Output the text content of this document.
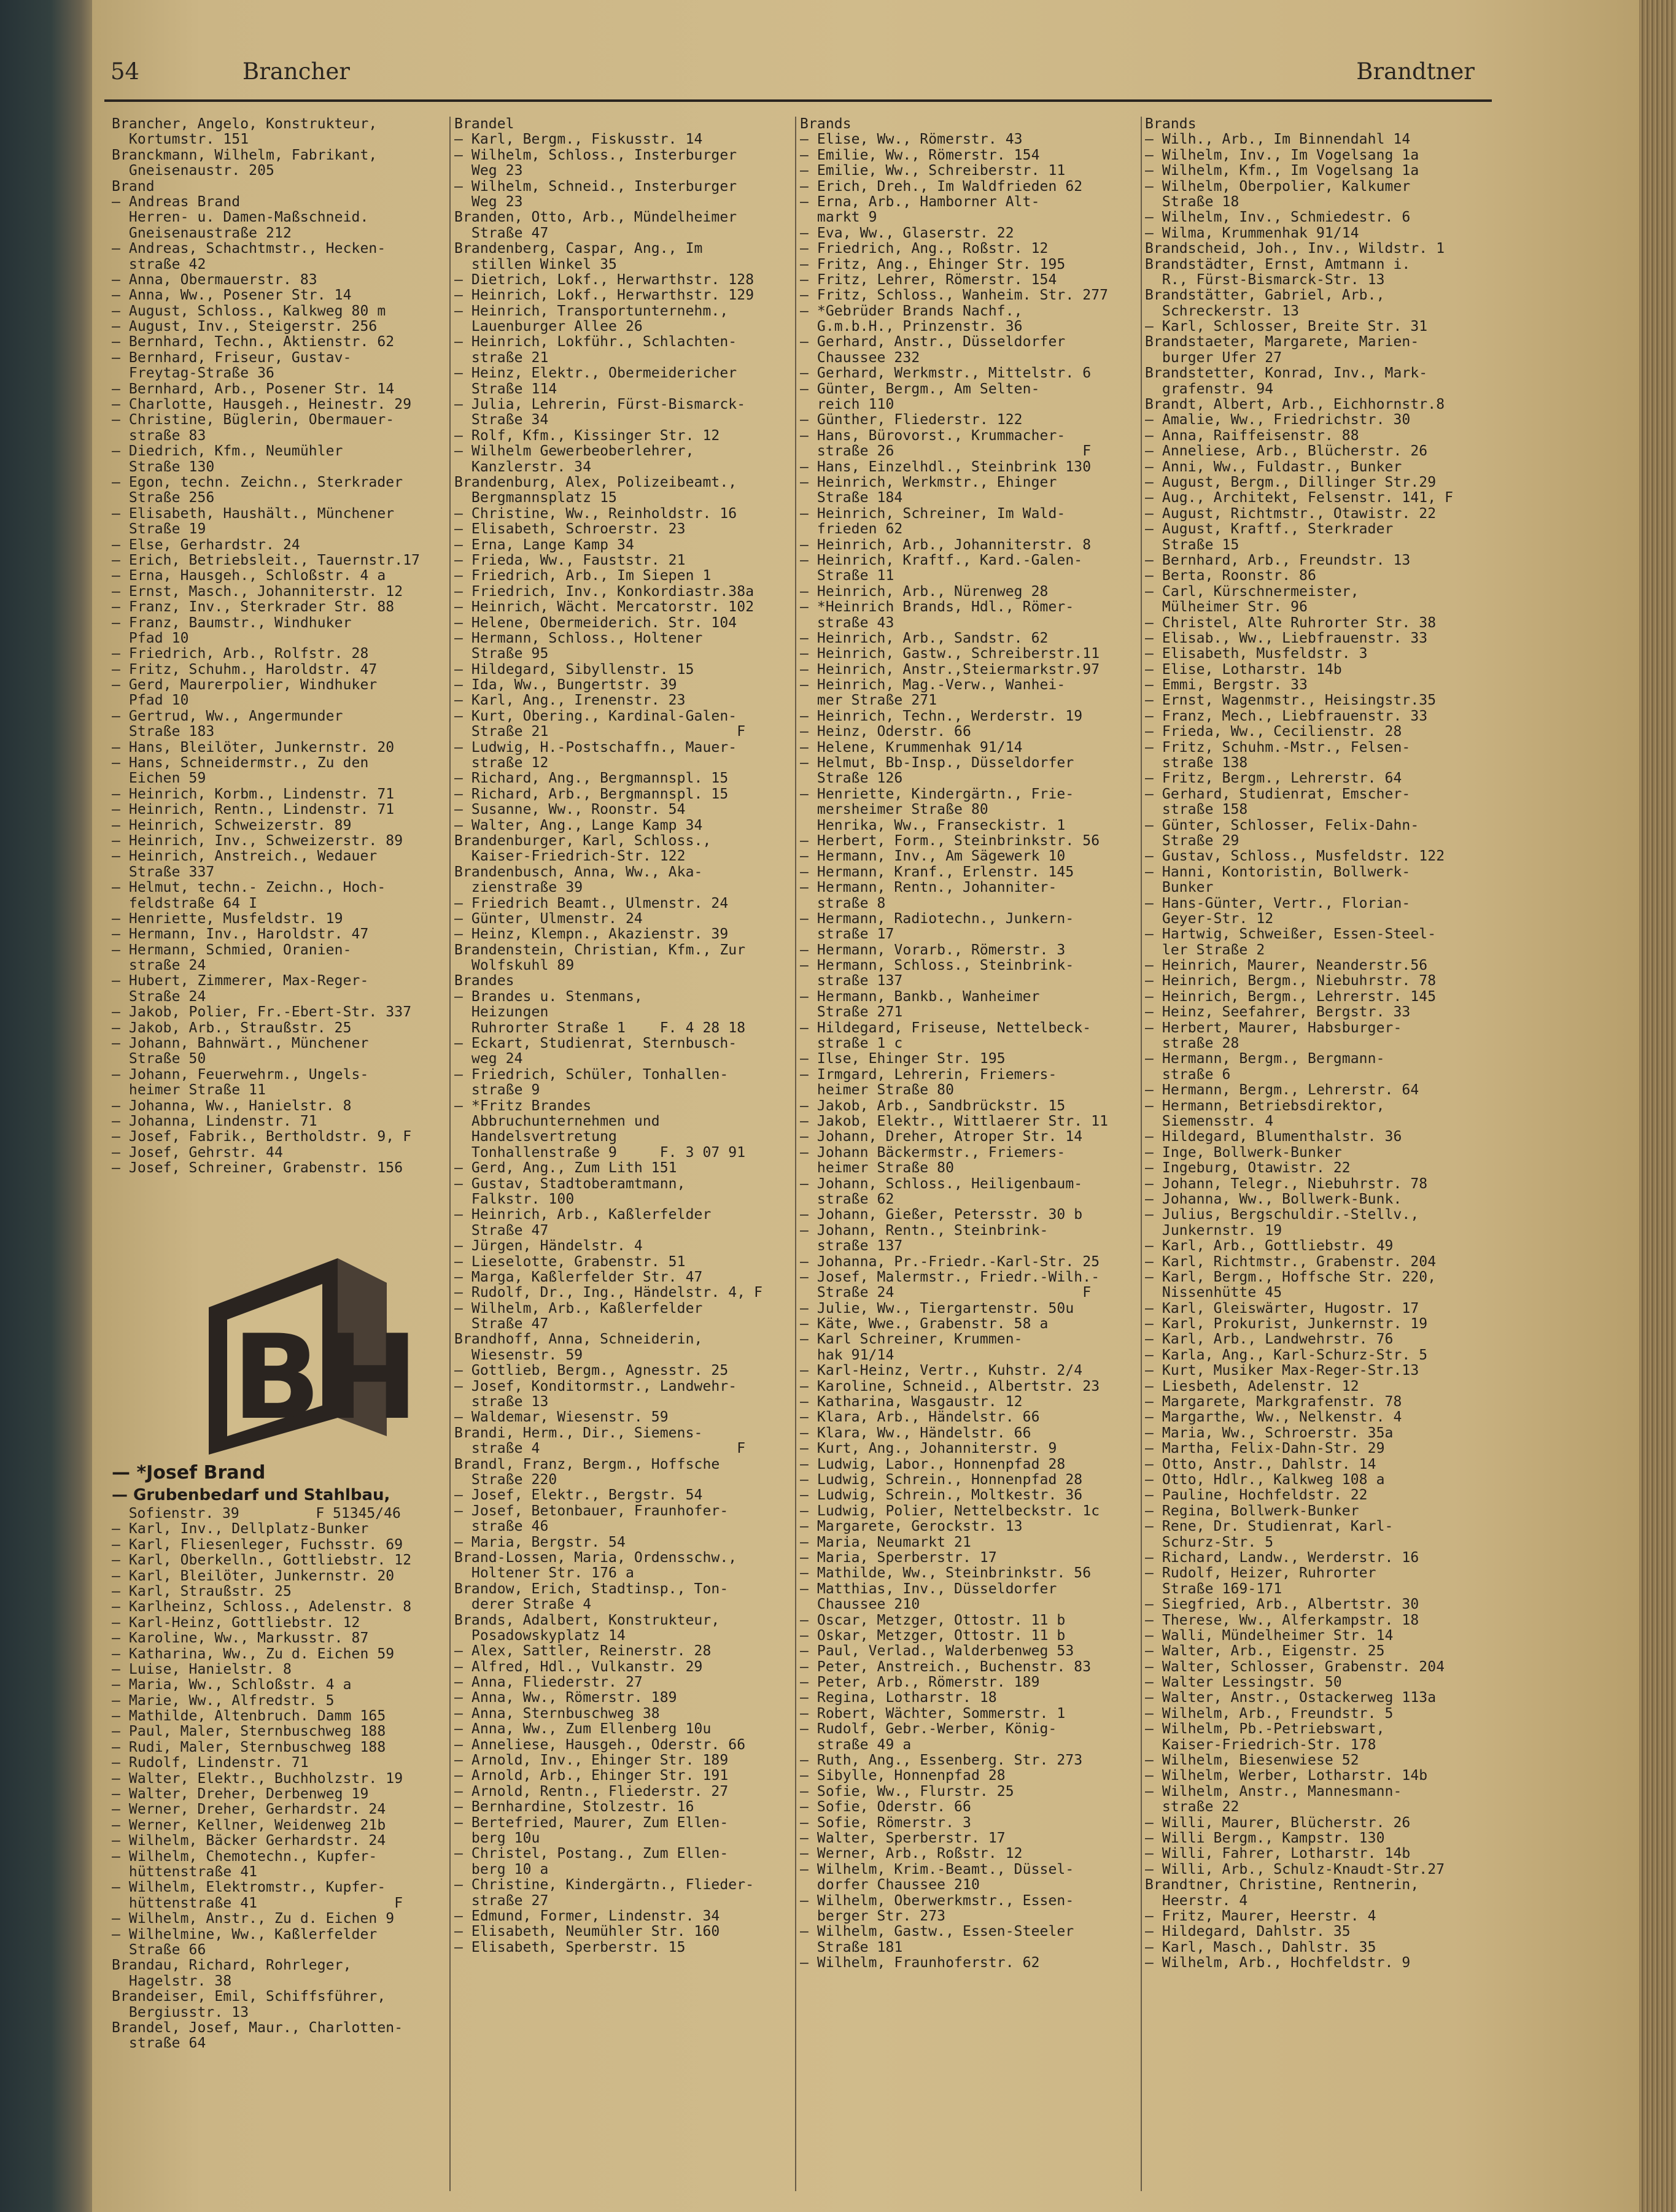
54	Brancher	Brandtner
Brancher, Angelo, Konstrukteur,
Kortumstr. 151
Branckmann, Wilhelm, Fabrikant,
Gneisenaustr. 205
Brand
— Andreas Brand
Herren- u. Damen-Maßschneid.
Gneisenaustraße 212
— Andreas, Schachtmstr., Hecken-
straße 42
— Anna, Obermauerstr. 83
— Anna, Ww., Posener Str. 14
— August, Schloss., Kalkweg 80 m
— August, Inv., Steigerstr. 256
— Bernhard, Techn., Aktienstr. 62
— Bernhard, Friseur, Gustav-
Freytag-Straße 36
— Bernhard, Arb., Posener Str. 14
— Charlotte, Hausgeh., Heinestr. 29
— Christine, Büglerin, Obermauer-
straße 83
— Diedrich, Kfm., Neumühler
Straße 130
— Egon, techn. Zeichn., Sterkrader
Straße 256
— Elisabeth, Haushält., Münchener
Straße 19
— Else, Gerhardstr. 24
— Erich, Betriebsleit., Tauernstr.17
— Erna, Hausgeh., Schloßstr. 4 a
— Ernst, Masch., Johanniterstr. 12
— Franz, Inv., Sterkrader Str. 88
— Franz, Baumstr., Windhuker
Pfad 10
— Friedrich, Arb., Rolfstr. 28
— Fritz, Schuhm., Haroldstr. 47
— Gerd, Maurerpolier, Windhuker
Pfad 10
— Gertrud, Ww., Angermunder
Straße 183
— Hans, Bleilöter, Junkernstr. 20
— Hans, Schneidermstr., Zu den
Eichen 59
— Heinrich, Korbm., Lindenstr. 71
— Heinrich, Rentn., Lindenstr. 71
— Heinrich, Schweizerstr. 89
— Heinrich, Inv., Schweizerstr. 89
— Heinrich, Anstreich., Wedauer
Straße 337
— Helmut, techn.- Zeichn., Hoch-
feldstraße 64 I
— Henriette, Musfeldstr. 19
— Hermann, Inv., Haroldstr. 47
— Hermann, Schmied, Oranien-
straße 24
— Hubert, Zimmerer, Max-Reger-
Straße 24
— Jakob, Polier, Fr.-Ebert-Str. 337
— Jakob, Arb., Straußstr. 25
— Johann, Bahnwärt., Münchener
Straße 50
— Johann, Feuerwehrm., Ungels-
heimer Straße 11
— Johanna, Ww., Hanielstr. 8
— Johanna, Lindenstr. 71
— Josef, Fabrik., Bertholdstr. 9, F
— Josef, Gehrstr. 44
— Josef, Schreiner, Grabenstr. 156
BH
— *Josef Brand
— Grubenbedarf und Stahlbau,
Sofienstr. 39         F 51345/46
— Karl, Inv., Dellplatz-Bunker
— Karl, Fliesenleger, Fuchsstr. 69
— Karl, Oberkelln., Gottliebstr. 12
— Karl, Bleilöter, Junkernstr. 20
— Karl, Straußstr. 25
— Karlheinz, Schloss., Adelenstr. 8
— Karl-Heinz, Gottliebstr. 12
— Karoline, Ww., Markusstr. 87
— Katharina, Ww., Zu d. Eichen 59
— Luise, Hanielstr. 8
— Maria, Ww., Schloßstr. 4 a
— Marie, Ww., Alfredstr. 5
— Mathilde, Altenbruch. Damm 165
— Paul, Maler, Sternbuschweg 188
— Rudi, Maler, Sternbuschweg 188
— Rudolf, Lindenstr. 71
— Walter, Elektr., Buchholzstr. 19
— Walter, Dreher, Derbenweg 19
— Werner, Dreher, Gerhardstr. 24
— Werner, Kellner, Weidenweg 21b
— Wilhelm, Bäcker Gerhardstr. 24
— Wilhelm, Chemotechn., Kupfer-
hüttenstraße 41
— Wilhelm, Elektromstr., Kupfer-
hüttenstraße 41                F
— Wilhelm, Anstr., Zu d. Eichen 9
— Wilhelmine, Ww., Kaßlerfelder
Straße 66
Brandau, Richard, Rohrleger,
Hagelstr. 38
Brandeiser, Emil, Schiffsführer,
Bergiusstr. 13
Brandel, Josef, Maur., Charlotten-
straße 64
Brandel
— Karl, Bergm., Fiskusstr. 14
— Wilhelm, Schloss., Insterburger
Weg 23
— Wilhelm, Schneid., Insterburger
Weg 23
Branden, Otto, Arb., Mündelheimer
Straße 47
Brandenberg, Caspar, Ang., Im
stillen Winkel 35
— Dietrich, Lokf., Herwarthstr. 128
— Heinrich, Lokf., Herwarthstr. 129
— Heinrich, Transportunternehm.,
Lauenburger Allee 26
— Heinrich, Lokführ., Schlachten-
straße 21
— Heinz, Elektr., Obermeidericher
Straße 114
— Julia, Lehrerin, Fürst-Bismarck-
Straße 34
— Rolf, Kfm., Kissinger Str. 12
— Wilhelm Gewerbeoberlehrer,
Kanzlerstr. 34
Brandenburg, Alex, Polizeibeamt.,
Bergmannsplatz 15
— Christine, Ww., Reinholdstr. 16
— Elisabeth, Schroerstr. 23
— Erna, Lange Kamp 34
— Frieda, Ww., Fauststr. 21
— Friedrich, Arb., Im Siepen 1
— Friedrich, Inv., Konkordiastr.38a
— Heinrich, Wächt. Mercatorstr. 102
— Helene, Obermeiderich. Str. 104
— Hermann, Schloss., Holtener
Straße 95
— Hildegard, Sibyllenstr. 15
— Ida, Ww., Bungertstr. 39
— Karl, Ang., Irenenstr. 23
— Kurt, Obering., Kardinal-Galen-
Straße 21                      F
— Ludwig, H.-Postschaffn., Mauer-
straße 12
— Richard, Ang., Bergmannspl. 15
— Richard, Arb., Bergmannspl. 15
— Susanne, Ww., Roonstr. 54
— Walter, Ang., Lange Kamp 34
Brandenburger, Karl, Schloss.,
Kaiser-Friedrich-Str. 122
Brandenbusch, Anna, Ww., Aka-
zienstraße 39
— Friedrich Beamt., Ulmenstr. 24
— Günter, Ulmenstr. 24
— Heinz, Klempn., Akazienstr. 39
Brandenstein, Christian, Kfm., Zur
Wolfskuhl 89
Brandes
— Brandes u. Stenmans,
Heizungen
Ruhrorter Straße 1    F. 4 28 18
— Eckart, Studienrat, Sternbusch-
weg 24
— Friedrich, Schüler, Tonhallen-
straße 9
— *Fritz Brandes
Abbruchunternehmen und
Handelsvertretung
Tonhallenstraße 9     F. 3 07 91
— Gerd, Ang., Zum Lith 151
— Gustav, Stadtoberamtmann,
Falkstr. 100
— Heinrich, Arb., Kaßlerfelder
Straße 47
— Jürgen, Händelstr. 4
— Lieselotte, Grabenstr. 51
— Marga, Kaßlerfelder Str. 47
— Rudolf, Dr., Ing., Händelstr. 4, F
— Wilhelm, Arb., Kaßlerfelder
Straße 47
Brandhoff, Anna, Schneiderin,
Wiesenstr. 59
— Gottlieb, Bergm., Agnesstr. 25
— Josef, Konditormstr., Landwehr-
straße 13
— Waldemar, Wiesenstr. 59
Brandi, Herm., Dir., Siemens-
straße 4                       F
Brandl, Franz, Bergm., Hoffsche
Straße 220
— Josef, Elektr., Bergstr. 54
— Josef, Betonbauer, Fraunhofer-
straße 46
— Maria, Bergstr. 54
Brand-Lossen, Maria, Ordensschw.,
Holtener Str. 176 a
Brandow, Erich, Stadtinsp., Ton-
derer Straße 4
Brands, Adalbert, Konstrukteur,
Posadowskyplatz 14
— Alex, Sattler, Reinerstr. 28
— Alfred, Hdl., Vulkanstr. 29
— Anna, Fliederstr. 27
— Anna, Ww., Römerstr. 189
— Anna, Sternbuschweg 38
— Anna, Ww., Zum Ellenberg 10u
— Anneliese, Hausgeh., Oderstr. 66
— Arnold, Inv., Ehinger Str. 189
— Arnold, Arb., Ehinger Str. 191
— Arnold, Rentn., Fliederstr. 27
— Bernhardine, Stolzestr. 16
— Bertefried, Maurer, Zum Ellen-
berg 10u
— Christel, Postang., Zum Ellen-
berg 10 a
— Christine, Kindergärtn., Flieder-
straße 27
— Edmund, Former, Lindenstr. 34
— Elisabeth, Neumühler Str. 160
— Elisabeth, Sperberstr. 15
Brands
— Elise, Ww., Römerstr. 43
— Emilie, Ww., Römerstr. 154
— Emilie, Ww., Schreiberstr. 11
— Erich, Dreh., Im Waldfrieden 62
— Erna, Arb., Hamborner Alt-
markt 9
— Eva, Ww., Glaserstr. 22
— Friedrich, Ang., Roßstr. 12
— Fritz, Ang., Ehinger Str. 195
— Fritz, Lehrer, Römerstr. 154
— Fritz, Schloss., Wanheim. Str. 277
— *Gebrüder Brands Nachf.,
G.m.b.H., Prinzenstr. 36
— Gerhard, Anstr., Düsseldorfer
Chaussee 232
— Gerhard, Werkmstr., Mittelstr. 6
— Günter, Bergm., Am Selten-
reich 110
— Günther, Fliederstr. 122
— Hans, Bürovorst., Krummacher-
straße 26                      F
— Hans, Einzelhdl., Steinbrink 130
— Heinrich, Werkmstr., Ehinger
Straße 184
— Heinrich, Schreiner, Im Wald-
frieden 62
— Heinrich, Arb., Johanniterstr. 8
— Heinrich, Kraftf., Kard.-Galen-
Straße 11
— Heinrich, Arb., Nürenweg 28
— *Heinrich Brands, Hdl., Römer-
straße 43
— Heinrich, Arb., Sandstr. 62
— Heinrich, Gastw., Schreiberstr.11
— Heinrich, Anstr.,Steiermarkstr.97
— Heinrich, Mag.-Verw., Wanhei-
mer Straße 271
— Heinrich, Techn., Werderstr. 19
— Heinz, Oderstr. 66
— Helene, Krummenhak 91/14
— Helmut, Bb-Insp., Düsseldorfer
Straße 126
— Henriette, Kindergärtn., Frie-
mersheimer Straße 80
Henrika, Ww., Franseckistr. 1
— Herbert, Form., Steinbrinkstr. 56
— Hermann, Inv., Am Sägewerk 10
— Hermann, Kranf., Erlenstr. 145
— Hermann, Rentn., Johanniter-
straße 8
— Hermann, Radiotechn., Junkern-
straße 17
— Hermann, Vorarb., Römerstr. 3
— Hermann, Schloss., Steinbrink-
straße 137
— Hermann, Bankb., Wanheimer
Straße 271
— Hildegard, Friseuse, Nettelbeck-
straße 1 c
— Ilse, Ehinger Str. 195
— Irmgard, Lehrerin, Friemers-
heimer Straße 80
— Jakob, Arb., Sandbrückstr. 15
— Jakob, Elektr., Wittlaerer Str. 11
— Johann, Dreher, Atroper Str. 14
— Johann Bäckermstr., Friemers-
heimer Straße 80
— Johann, Schloss., Heiligenbaum-
straße 62
— Johann, Gießer, Petersstr. 30 b
— Johann, Rentn., Steinbrink-
straße 137
— Johanna, Pr.-Friedr.-Karl-Str. 25
— Josef, Malermstr., Friedr.-Wilh.-
Straße 24                      F
— Julie, Ww., Tiergartenstr. 50u
— Käte, Wwe., Grabenstr. 58 a
— Karl Schreiner, Krummen-
hak 91/14
— Karl-Heinz, Vertr., Kuhstr. 2/4
— Karoline, Schneid., Albertstr. 23
— Katharina, Wasgaustr. 12
— Klara, Arb., Händelstr. 66
— Klara, Ww., Händelstr. 66
— Kurt, Ang., Johanniterstr. 9
— Ludwig, Labor., Honnenpfad 28
— Ludwig, Schrein., Honnenpfad 28
— Ludwig, Schrein., Moltkestr. 36
— Ludwig, Polier, Nettelbeckstr. 1c
— Margarete, Gerockstr. 13
— Maria, Neumarkt 21
— Maria, Sperberstr. 17
— Mathilde, Ww., Steinbrinkstr. 56
— Matthias, Inv., Düsseldorfer
Chaussee 210
— Oscar, Metzger, Ottostr. 11 b
— Oskar, Metzger, Ottostr. 11 b
— Paul, Verlad., Walderbenweg 53
— Peter, Anstreich., Buchenstr. 83
— Peter, Arb., Römerstr. 189
— Regina, Lotharstr. 18
— Robert, Wächter, Sommerstr. 1
— Rudolf, Gebr.-Werber, König-
straße 49 a
— Ruth, Ang., Essenberg. Str. 273
— Sibylle, Honnenpfad 28
— Sofie, Ww., Flurstr. 25
— Sofie, Oderstr. 66
— Sofie, Römerstr. 3
— Walter, Sperberstr. 17
— Werner, Arb., Roßstr. 12
— Wilhelm, Krim.-Beamt., Düssel-
dorfer Chaussee 210
— Wilhelm, Oberwerkmstr., Essen-
berger Str. 273
— Wilhelm, Gastw., Essen-Steeler
Straße 181
— Wilhelm, Fraunhoferstr. 62
Brands
— Wilh., Arb., Im Binnendahl 14
— Wilhelm, Inv., Im Vogelsang 1a
— Wilhelm, Kfm., Im Vogelsang 1a
— Wilhelm, Oberpolier, Kalkumer
Straße 18
— Wilhelm, Inv., Schmiedestr. 6
— Wilma, Krummenhak 91/14
Brandscheid, Joh., Inv., Wildstr. 1
Brandstädter, Ernst, Amtmann i.
R., Fürst-Bismarck-Str. 13
Brandstätter, Gabriel, Arb.,
Schreckerstr. 13
— Karl, Schlosser, Breite Str. 31
Brandstaeter, Margarete, Marien-
burger Ufer 27
Brandstetter, Konrad, Inv., Mark-
grafenstr. 94
Brandt, Albert, Arb., Eichhornstr.8
— Amalie, Ww., Friedrichstr. 30
— Anna, Raiffeisenstr. 88
— Anneliese, Arb., Blücherstr. 26
— Anni, Ww., Fuldastr., Bunker
— August, Bergm., Dillinger Str.29
— Aug., Architekt, Felsenstr. 141, F
— August, Richtmstr., Otawistr. 22
— August, Kraftf., Sterkrader
Straße 15
— Bernhard, Arb., Freundstr. 13
— Berta, Roonstr. 86
— Carl, Kürschnermeister,
Mülheimer Str. 96
— Christel, Alte Ruhrorter Str. 38
— Elisab., Ww., Liebfrauenstr. 33
— Elisabeth, Musfeldstr. 3
— Elise, Lotharstr. 14b
— Emmi, Bergstr. 33
— Ernst, Wagenmstr., Heisingstr.35
— Franz, Mech., Liebfrauenstr. 33
— Frieda, Ww., Cecilienstr. 28
— Fritz, Schuhm.-Mstr., Felsen-
straße 138
— Fritz, Bergm., Lehrerstr. 64
— Gerhard, Studienrat, Emscher-
straße 158
— Günter, Schlosser, Felix-Dahn-
Straße 29
— Gustav, Schloss., Musfeldstr. 122
— Hanni, Kontoristin, Bollwerk-
Bunker
— Hans-Günter, Vertr., Florian-
Geyer-Str. 12
— Hartwig, Schweißer, Essen-Steel-
ler Straße 2
— Heinrich, Maurer, Neanderstr.56
— Heinrich, Bergm., Niebuhrstr. 78
— Heinrich, Bergm., Lehrerstr. 145
— Heinz, Seefahrer, Bergstr. 33
— Herbert, Maurer, Habsburger-
straße 28
— Hermann, Bergm., Bergmann-
straße 6
— Hermann, Bergm., Lehrerstr. 64
— Hermann, Betriebsdirektor,
Siemensstr. 4
— Hildegard, Blumenthalstr. 36
— Inge, Bollwerk-Bunker
— Ingeburg, Otawistr. 22
— Johann, Telegr., Niebuhrstr. 78
— Johanna, Ww., Bollwerk-Bunk.
— Julius, Bergschuldir.-Stellv.,
Junkernstr. 19
— Karl, Arb., Gottliebstr. 49
— Karl, Richtmstr., Grabenstr. 204
— Karl, Bergm., Hoffsche Str. 220,
Nissenhütte 45
— Karl, Gleiswärter, Hugostr. 17
— Karl, Prokurist, Junkernstr. 19
— Karl, Arb., Landwehrstr. 76
— Karla, Ang., Karl-Schurz-Str. 5
— Kurt, Musiker Max-Reger-Str.13
— Liesbeth, Adelenstr. 12
— Margarete, Markgrafenstr. 78
— Margarthe, Ww., Nelkenstr. 4
— Maria, Ww., Schroerstr. 35a
— Martha, Felix-Dahn-Str. 29
— Otto, Anstr., Dahlstr. 14
— Otto, Hdlr., Kalkweg 108 a
— Pauline, Hochfeldstr. 22
— Regina, Bollwerk-Bunker
— Rene, Dr. Studienrat, Karl-
Schurz-Str. 5
— Richard, Landw., Werderstr. 16
— Rudolf, Heizer, Ruhrorter
Straße 169-171
— Siegfried, Arb., Albertstr. 30
— Therese, Ww., Alferkampstr. 18
— Walli, Mündelheimer Str. 14
— Walter, Arb., Eigenstr. 25
— Walter, Schlosser, Grabenstr. 204
— Walter Lessingstr. 50
— Walter, Anstr., Ostackerweg 113a
— Wilhelm, Arb., Freundstr. 5
— Wilhelm, Pb.-Petriebswart,
Kaiser-Friedrich-Str. 178
— Wilhelm, Biesenwiese 52
— Wilhelm, Werber, Lotharstr. 14b
— Wilhelm, Anstr., Mannesmann-
straße 22
— Willi, Maurer, Blücherstr. 26
— Willi Bergm., Kampstr. 130
— Willi, Fahrer, Lotharstr. 14b
— Willi, Arb., Schulz-Knaudt-Str.27
Brandtner, Christine, Rentnerin,
Heerstr. 4
— Fritz, Maurer, Heerstr. 4
— Hildegard, Dahlstr. 35
— Karl, Masch., Dahlstr. 35
— Wilhelm, Arb., Hochfeldstr. 9
